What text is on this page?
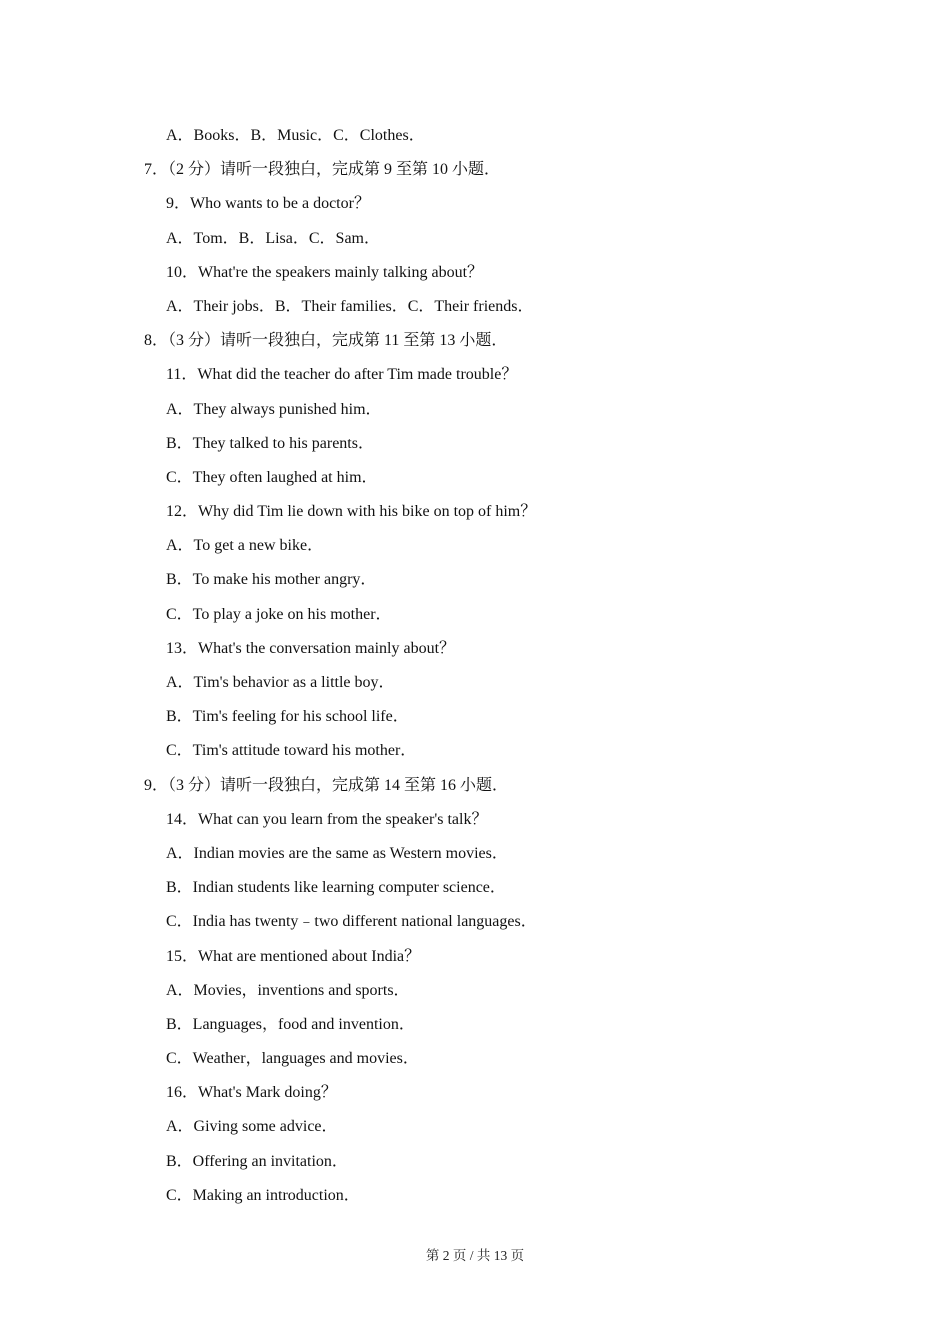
A．Books．B．Music．C．Clothes．
7．（2 分）请听一段独白，完成第 9 至第 10 小题．
9．Who wants to be a doctor？
A．Tom．B．Lisa．C．Sam．
10．What're the speakers mainly talking about？
A．Their jobs．B．Their families．C．Their friends．
8．（3 分）请听一段独白，完成第 11 至第 13 小题．
11．What did the teacher do after Tim made trouble？
A．They always punished him．
B．They talked to his parents．
C．They often laughed at him．
12．Why did Tim lie down with his bike on top of him？
A．To get a new bike．
B．To make his mother angry．
C．To play a joke on his mother．
13．What's the conversation mainly about？
A．Tim's behavior as a little boy．
B．Tim's feeling for his school life．
C．Tim's attitude toward his mother．
9．（3 分）请听一段独白，完成第 14 至第 16 小题．
14．What can you learn from the speaker's talk？
A．Indian movies are the same as Western movies．
B．Indian students like learning computer science．
C．India has twenty﹣two different national languages．
15．What are mentioned about India？
A．Movies，inventions and sports．
B．Languages，food and invention．
C．Weather，languages and movies．
16．What's Mark doing？
A．Giving some advice．
B．Offering an invitation．
C．Making an introduction．
第 2 页 / 共 13 页
